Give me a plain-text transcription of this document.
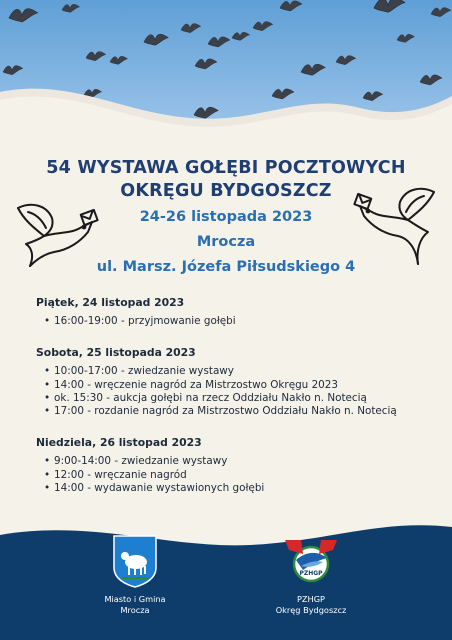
54 WYSTAWA GOŁĘBI POCZTOWYCH
OKRĘGU BYDGOSZCZ
24-26 listopada 2023
Mrocza
ul. Marsz. Józefa Piłsudskiego 4
Piątek, 24 listopad 2023
• 16:00-19:00 - przyjmowanie gołębi
Sobota, 25 listopada 2023
• 10:00-17:00 - zwiedzanie wystawy
• 14:00 - wręczenie nagród za Mistrzostwo Okręgu 2023
• ok. 15:30 - aukcja gołębi na rzecz Oddziału Nakło n. Notecią
• 17:00 - rozdanie nagród za Mistrzostwo Oddziału Nakło n. Notecią
Niedziela, 26 listopad 2023
• 9:00-14:00 - zwiedzanie wystawy
• 12:00 - wręczanie nagród
• 14:00 - wydawanie wystawionych gołębi
Miasto i Gmina
Mrocza
PZHGP
PZHGP
Okręg Bydgoszcz
